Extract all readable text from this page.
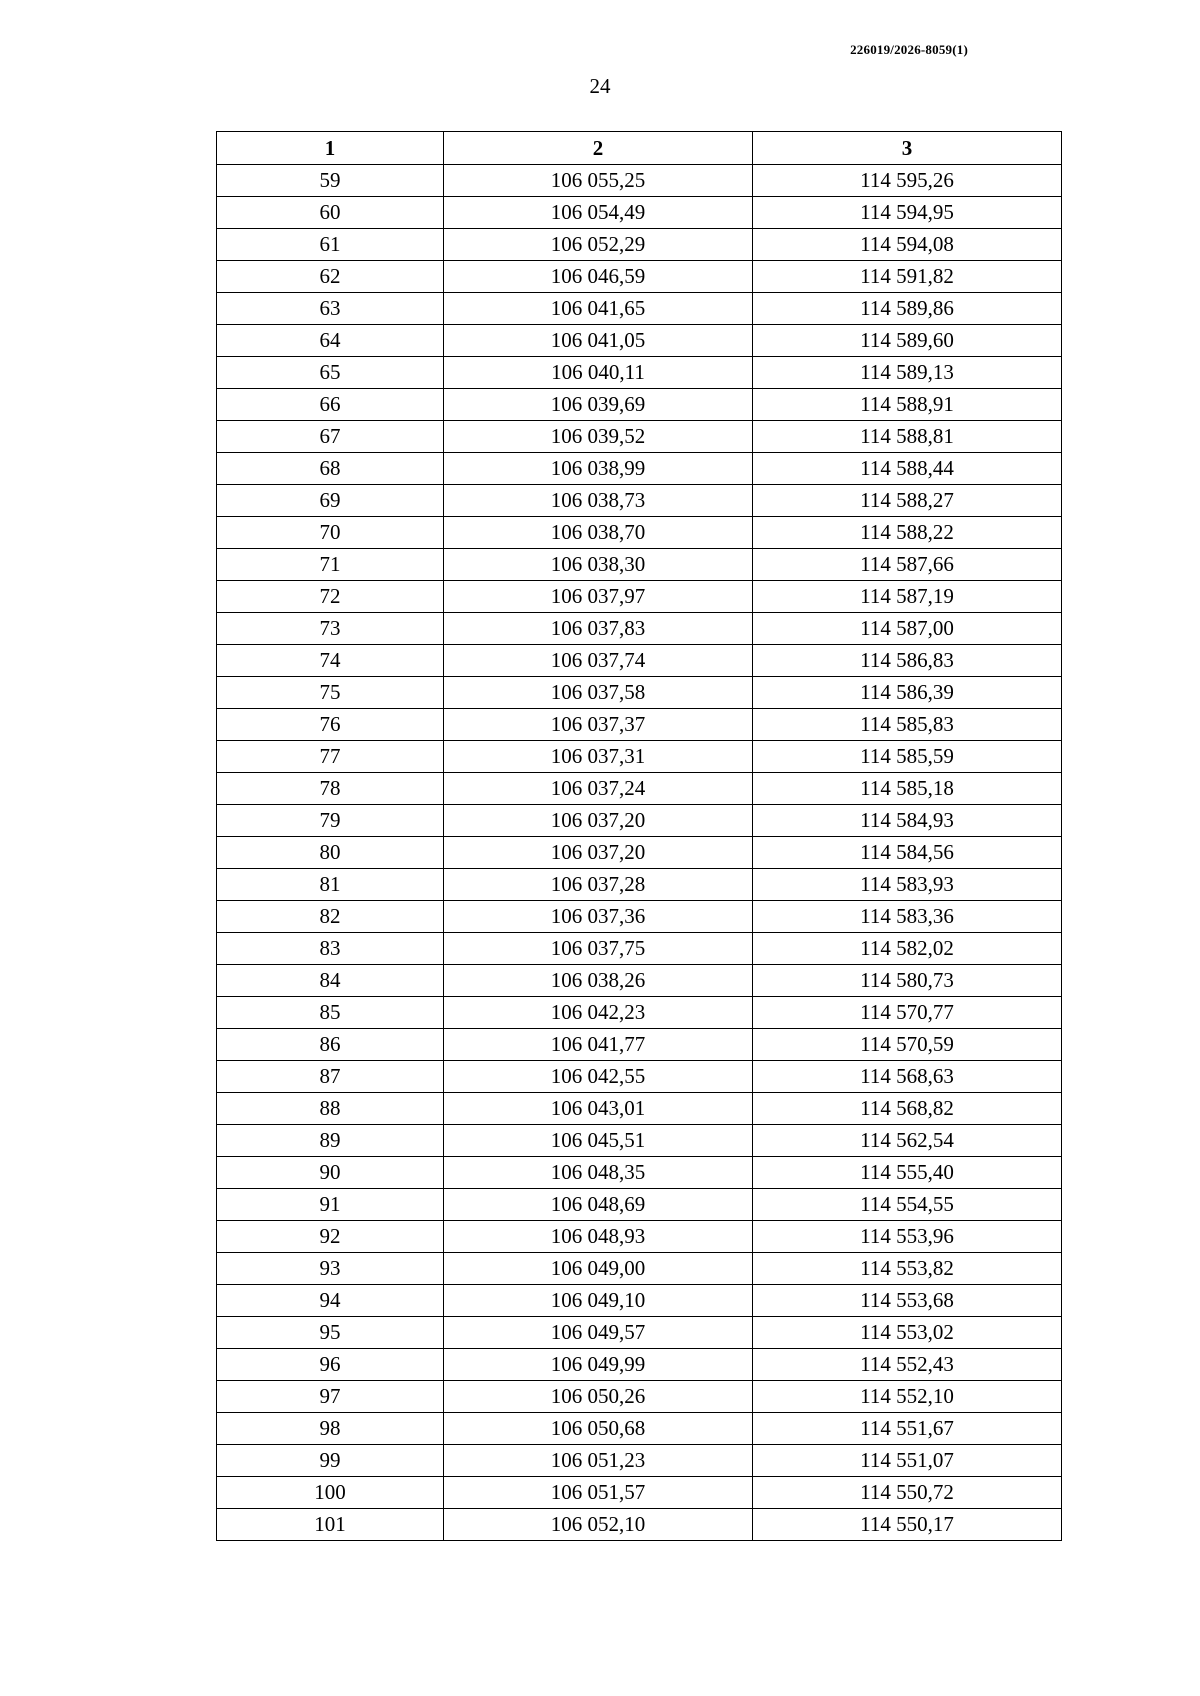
226019/2026-8059(1)
24
1	2	3
59	106 055,25	114 595,26
60	106 054,49	114 594,95
61	106 052,29	114 594,08
62	106 046,59	114 591,82
63	106 041,65	114 589,86
64	106 041,05	114 589,60
65	106 040,11	114 589,13
66	106 039,69	114 588,91
67	106 039,52	114 588,81
68	106 038,99	114 588,44
69	106 038,73	114 588,27
70	106 038,70	114 588,22
71	106 038,30	114 587,66
72	106 037,97	114 587,19
73	106 037,83	114 587,00
74	106 037,74	114 586,83
75	106 037,58	114 586,39
76	106 037,37	114 585,83
77	106 037,31	114 585,59
78	106 037,24	114 585,18
79	106 037,20	114 584,93
80	106 037,20	114 584,56
81	106 037,28	114 583,93
82	106 037,36	114 583,36
83	106 037,75	114 582,02
84	106 038,26	114 580,73
85	106 042,23	114 570,77
86	106 041,77	114 570,59
87	106 042,55	114 568,63
88	106 043,01	114 568,82
89	106 045,51	114 562,54
90	106 048,35	114 555,40
91	106 048,69	114 554,55
92	106 048,93	114 553,96
93	106 049,00	114 553,82
94	106 049,10	114 553,68
95	106 049,57	114 553,02
96	106 049,99	114 552,43
97	106 050,26	114 552,10
98	106 050,68	114 551,67
99	106 051,23	114 551,07
100	106 051,57	114 550,72
101	106 052,10	114 550,17
